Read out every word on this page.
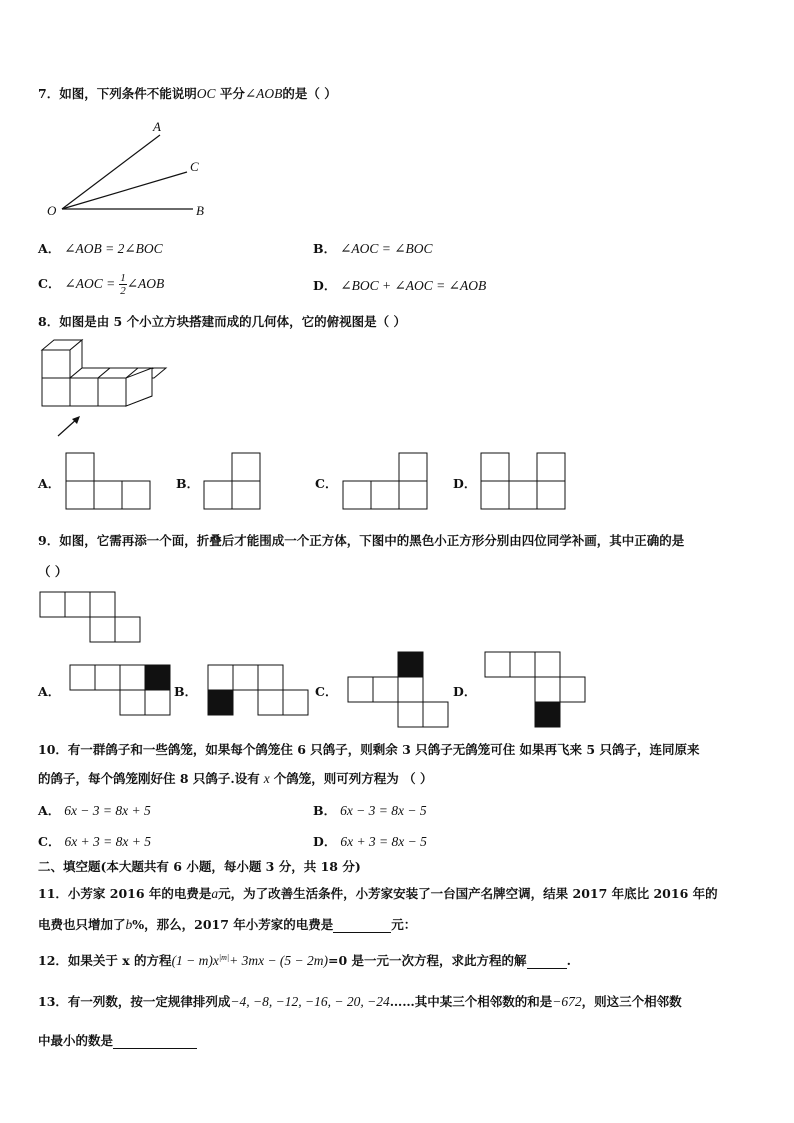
7．如图，下列条件不能说明OC 平分∠AOB的是（ ）
A
C
O	B
A． ∠AOB = 2∠BOC	B． ∠AOC = ∠BOC
C． ∠AOC = $\frac{1}{2}$ ∠AOB	D． ∠BOC + ∠AOC = ∠AOB
8．如图是由 5 个小立方块搭建而成的几何体，它的俯视图是（ ）
A．	B．	C．	D．
9．如图，它需再添一个面，折叠后才能围成一个正方体，下图中的黑色小正方形分别由四位同学补画，其中正确的是
（ ）
A．	B．	C．	D．
10．有一群鸽子和一些鸽笼，如果每个鸽笼住 6 只鸽子，则剩余 3 只鸽子无鸽笼可住 如果再飞来 5 只鸽子，连同原来
的鸽子，每个鸽笼刚好住 8 只鸽子.设有 x 个鸽笼，则可列方程为 （ ）
A． 6x − 3 = 8x + 5	B． 6x − 3 = 8x − 5
C． 6x + 3 = 8x + 5	D． 6x + 3 = 8x − 5
二、填空题(本大题共有 6 小题，每小题 3 分，共 18 分)
11．小芳家 2016 年的电费是a元，为了改善生活条件，小芳家安装了一台国产名牌空调，结果 2017 年底比 2016 年的
电费也只增加了b%，那么，2017 年小芳家的电费是	元：
12．如果关于 x 的方程$(1 - m)x^{|m|}+ 3mx - (5 - 2m)=0$ 是一元一次方程，求此方程的解	.
13．有一列数，按一定规律排列成−4, −8, −12, −16, − 20, −24……其中某三个相邻数的和是−672，则这三个相邻数
中最小的数是
